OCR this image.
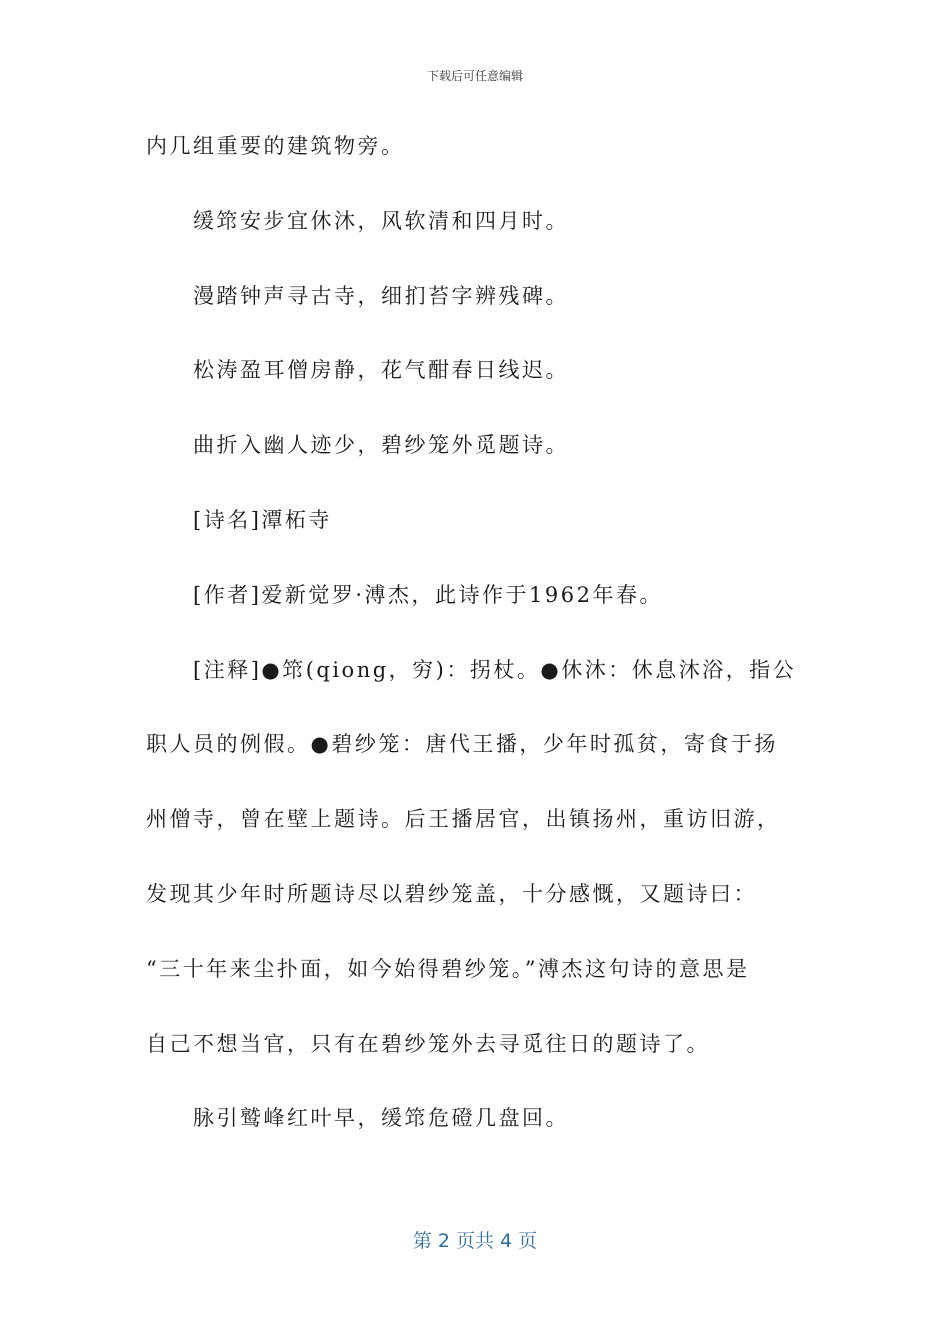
下载后可任意编辑
内几组重要的建筑物旁。
缓筇安步宜休沐，风软清和四月时。
漫踏钟声寻古寺，细扪苔字辨残碑。
松涛盈耳僧房静，花气酣春日线迟。
曲折入幽人迹少，碧纱笼外觅题诗。
[诗名]潭柘寺
[作者]爱新觉罗·溥杰，此诗作于1962年春。
[注释]●筇(qiong，穷)：拐杖。●休沐：休息沐浴，指公
职人员的例假。●碧纱笼：唐代王播，少年时孤贫，寄食于扬
州僧寺，曾在壁上题诗。后王播居官，出镇扬州，重访旧游，
发现其少年时所题诗尽以碧纱笼盖，十分感慨，又题诗曰：
“三十年来尘扑面，如今始得碧纱笼。”溥杰这句诗的意思是
自己不想当官，只有在碧纱笼外去寻觅往日的题诗了。
脉引鹫峰红叶早，缓筇危磴几盘回。
第 2 页共 4 页
